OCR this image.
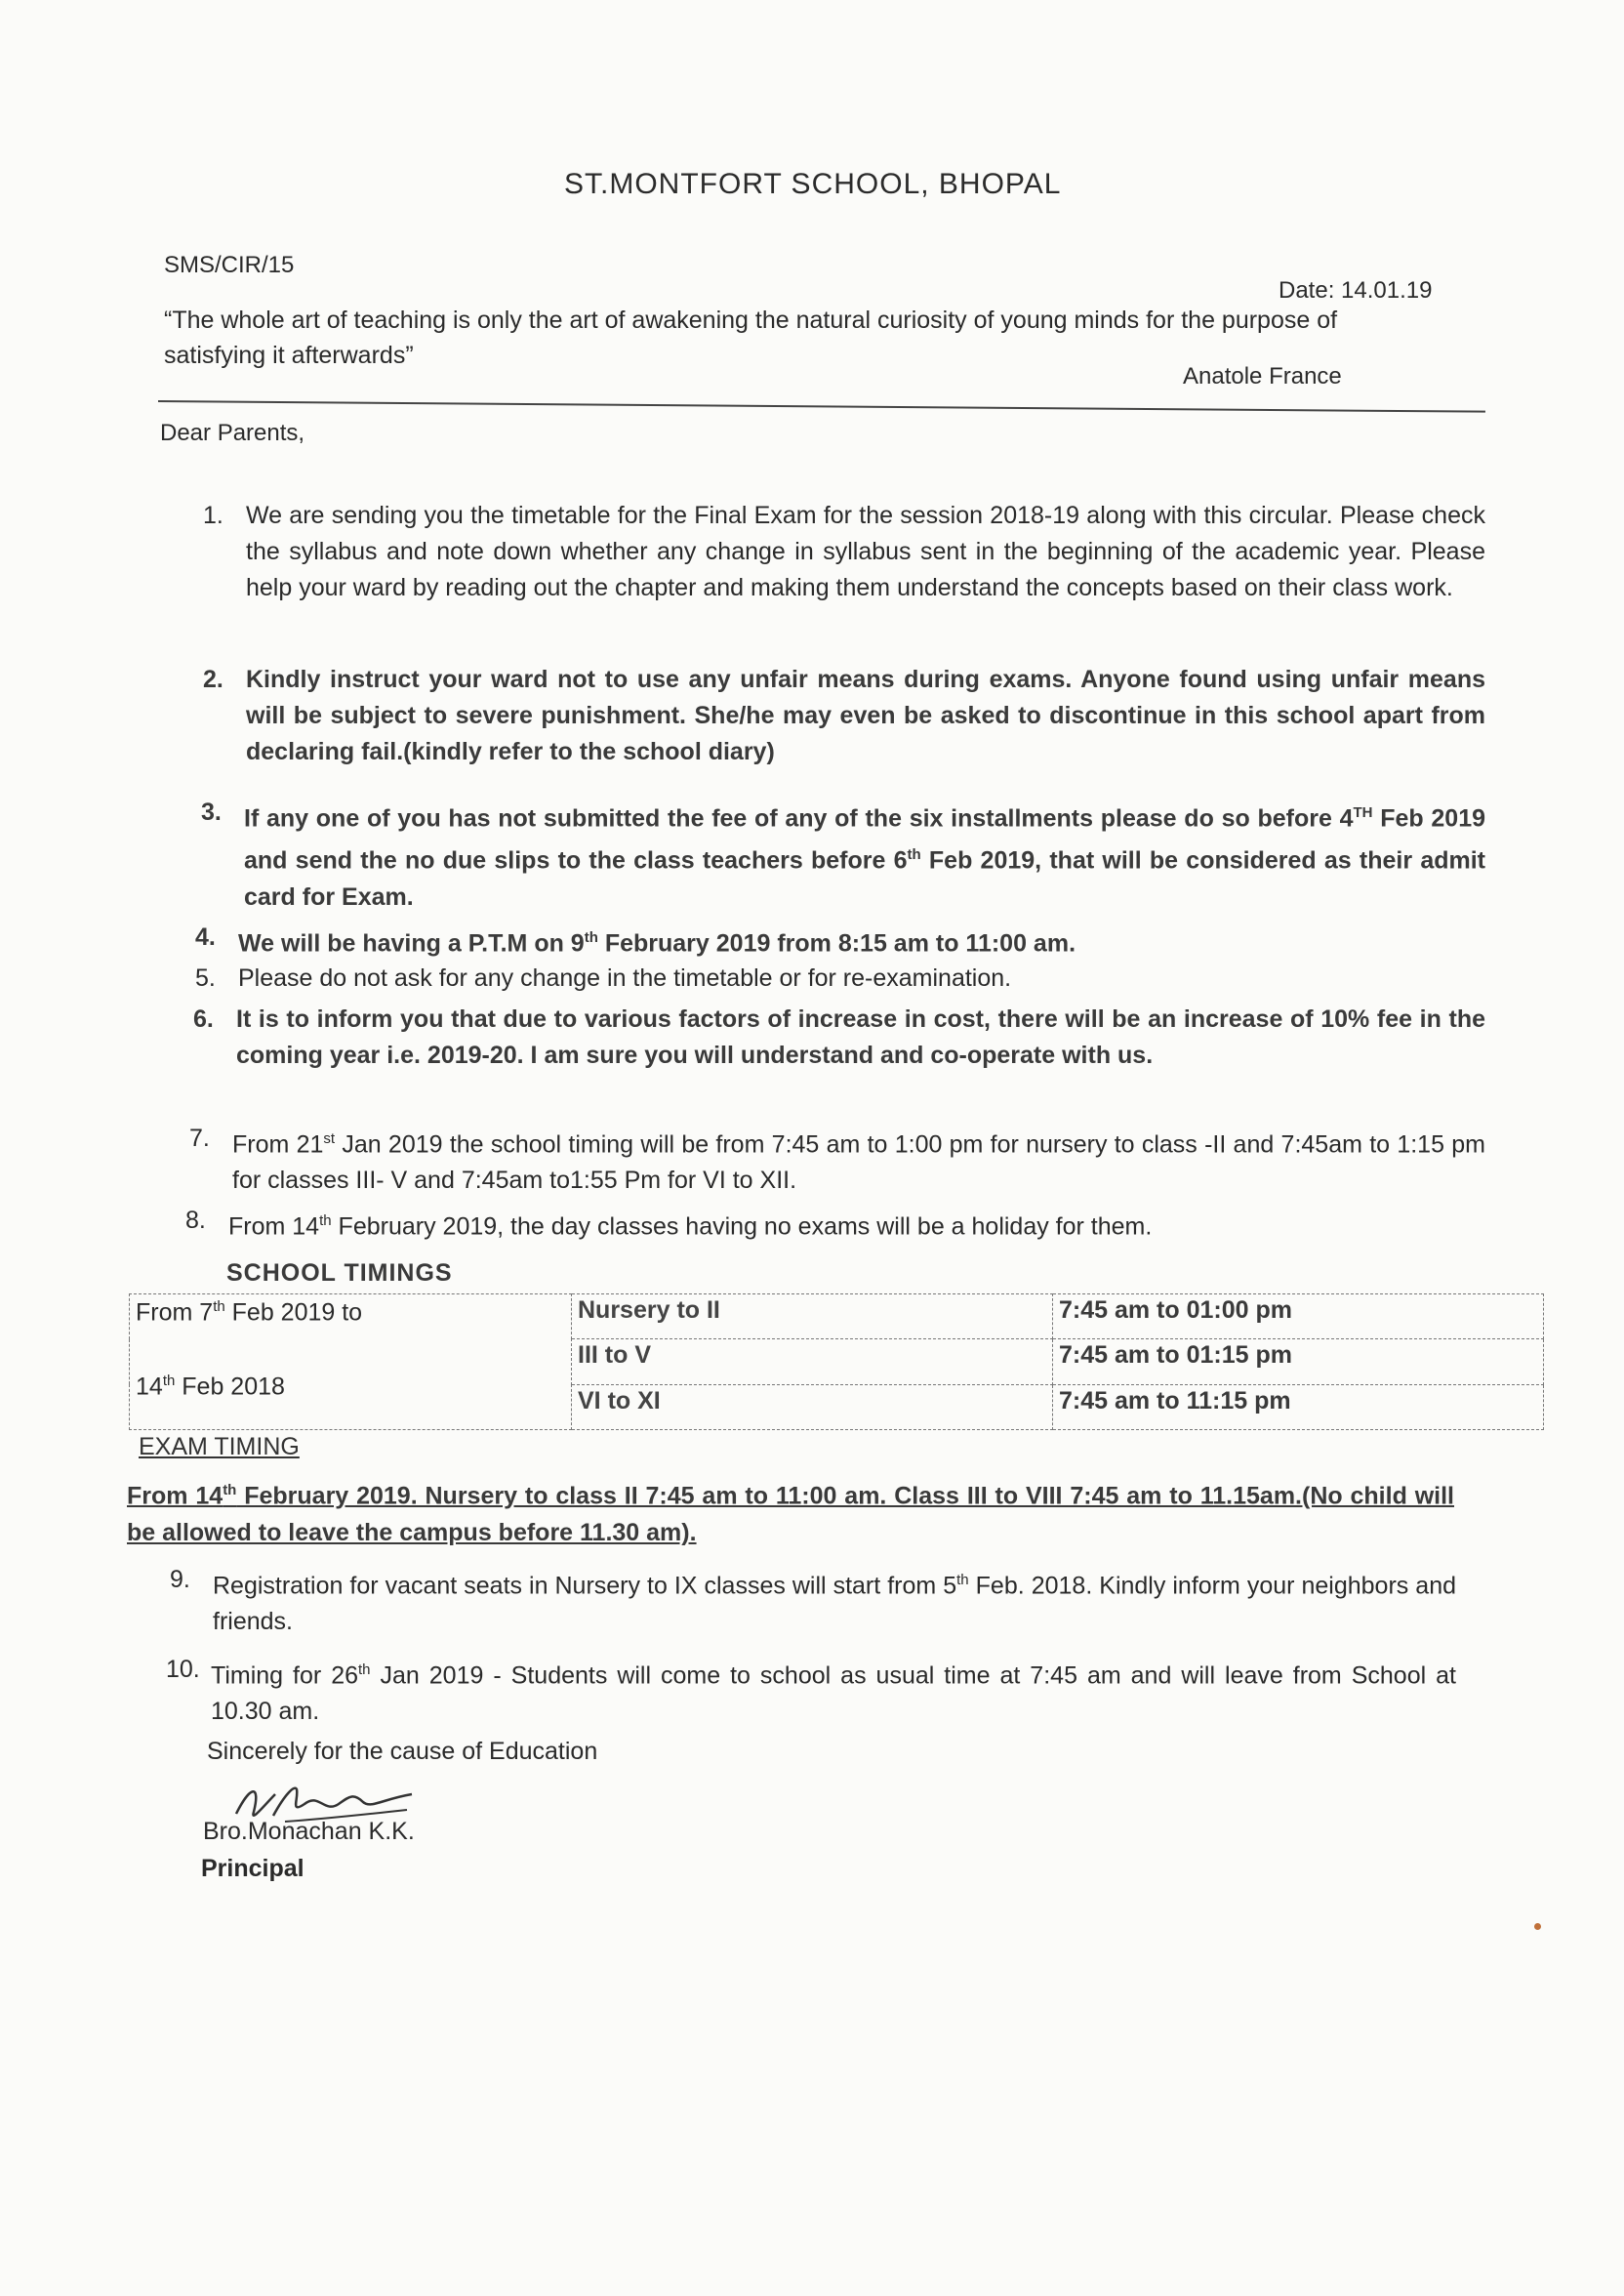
ST.MONTFORT SCHOOL, BHOPAL
SMS/CIR/15
Date: 14.01.19
“The whole art of teaching is only the art of awakening the natural curiosity of young minds for the purpose of satisfying it afterwards”
Anatole France
Dear Parents,
1. We are sending you the timetable for the Final Exam for the session 2018-19 along with this circular. Please check the syllabus and note down whether any change in syllabus sent in the beginning of the academic year. Please help your ward by reading out the chapter and making them understand the concepts based on their class work.
2. Kindly instruct your ward not to use any unfair means during exams. Anyone found using unfair means will be subject to severe punishment. She/he may even be asked to discontinue in this school apart from declaring fail.(kindly refer to the school diary)
3. If any one of you has not submitted the fee of any of the six installments please do so before 4TH Feb 2019 and send the no due slips to the class teachers before 6th Feb 2019, that will be considered as their admit card for Exam.
4. We will be having a P.T.M on 9th February 2019 from 8:15 am to 11:00 am.
5. Please do not ask for any change in the timetable or for re-examination.
6. It is to inform you that due to various factors of increase in cost, there will be an increase of 10% fee in the coming year i.e. 2019-20. I am sure you will understand and co-operate with us.
7. From 21st Jan 2019 the school timing will be from 7:45 am to 1:00 pm for nursery to class -II and 7:45am to 1:15 pm for classes III- V and 7:45am to1:55 Pm for VI to XII.
8. From 14th February 2019, the day classes having no exams will be a holiday for them.
SCHOOL TIMINGS
From 7th Feb 2019 to
14th Feb 2018	Nursery to II	7:45 am to 01:00 pm
	III to V	7:45 am to 01:15 pm
	VI to XI	7:45 am to 11:15 pm
EXAM TIMING
From 14th February 2019. Nursery to class II 7:45 am to 11:00 am. Class III to VIII 7:45 am to 11.15am.(No child will be allowed to leave the campus before 11.30 am).
9. Registration for vacant seats in Nursery to IX classes will start from 5th Feb. 2018. Kindly inform your neighbors and friends.
10. Timing for 26th Jan 2019 - Students will come to school as usual time at 7:45 am and will leave from School at 10.30 am.
Sincerely for the cause of Education
Bro.Monachan K.K.
Principal
